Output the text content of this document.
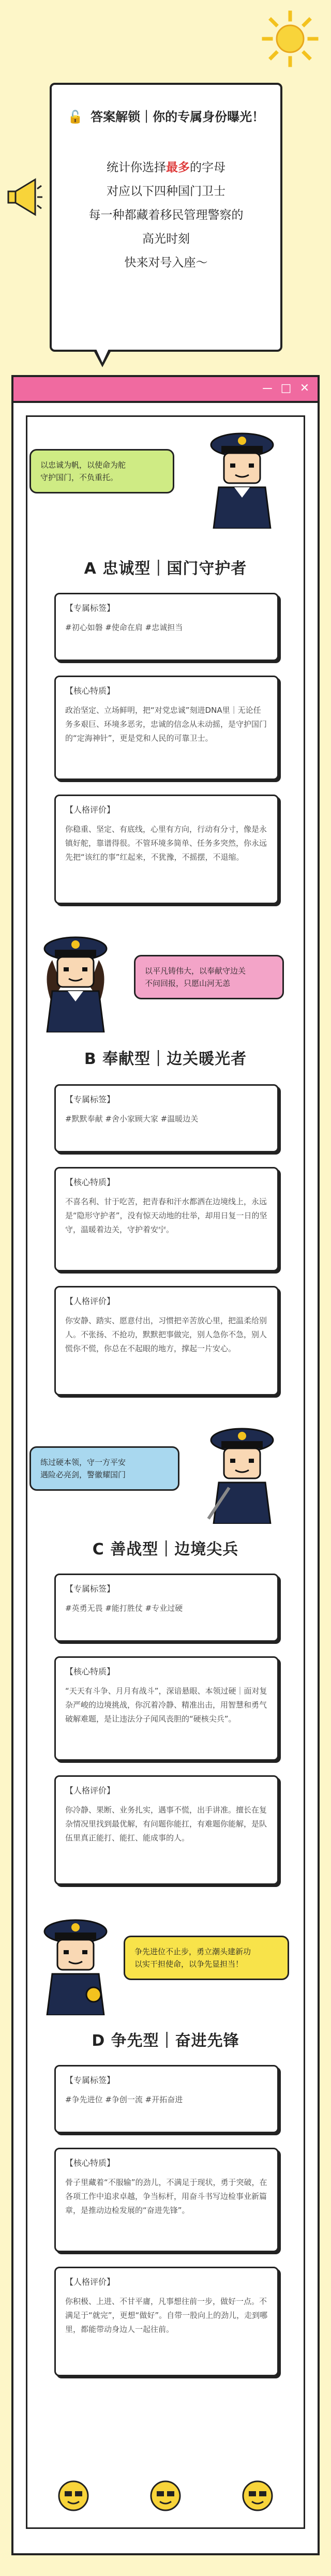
🔓 答案解锁｜你的专属身份曝光！
统计你选择最多的字母
对应以下四种国门卫士
每一种都藏着移民管理警察的
高光时刻
快来对号入座～
－ □ ✕
以忠诚为帆，以使命为舵
守护国门，不负重托。
A 忠诚型｜国门守护者
【专属标签】
#初心如磐 #使命在肩 #忠诚担当
【核心特质】
政治坚定、立场鲜明，把“对党忠诚”刻进DNA里｜无论任务多艰巨、环境多恶劣，忠诚的信念从未动摇，是守护国门的“定海神针”，更是党和人民的可靠卫士。
【人格评价】
你稳重、坚定、有底线，心里有方向，行动有分寸，像是永镇好舵，靠谱得很。不管环境多简单、任务多突然，你永远先把“该红的事”红起来，不犹豫，不摇摆，不退缩。
以平凡铸伟大，以奉献守边关
不问回报，只愿山河无恙
B 奉献型｜边关暖光者
【专属标签】
#默默奉献 #舍小家顾大家 #温暖边关
【核心特质】
不喜名利、甘于吃苦，把青春和汗水都洒在边境线上，永远是“隐形守护者”，没有惊天动地的壮举，却用日复一日的坚守，温暖着边关，守护着安宁。
【人格评价】
你安静、踏实、愿意付出，习惯把辛苦放心里，把温柔给别人。不张扬、不抢功，默默把事做完，别人急你不急，别人慌你不慌，你总在不起眼的地方，撑起一片安心。
练过硬本领，守一方平安
遇险必亮剑，警徽耀国门
C 善战型｜边境尖兵
【专属标签】
#英勇无畏 #能打胜仗 #专业过硬
【核心特质】
“天天有斗争、月月有战斗”，深谙悬眼、本领过硬｜面对复杂严峻的边境挑战，你沉着冷静、精准出击，用智慧和勇气破解难题，是让违法分子闻风丧胆的“硬核尖兵”。
【人格评价】
你冷静、果断、业务扎实，遇事不慌，出手讲准。擅长在复杂情况里找到最优解，有问题你能扛，有难题你能解，是队伍里真正能打、能扛、能成事的人。
争先进位不止步，勇立潮头建新功
以实干担使命，以争先显担当！
D 争先型｜奋进先锋
【专属标签】
#争先进位 #争创一流 #开拓奋进
【核心特质】
骨子里藏着“不服输”的劲儿，不满足于现状，勇于突破，在各项工作中追求卓越，争当标杆，用奋斗书写边检事业新篇章，是推动边检发展的“奋进先锋”。
【人格评价】
你积极、上进、不甘平庸，凡事想往前一步，做好一点。不满足于“就完”，更想“做好”。自带一股向上的劲儿，走到哪里，都能带动身边人一起往前。
